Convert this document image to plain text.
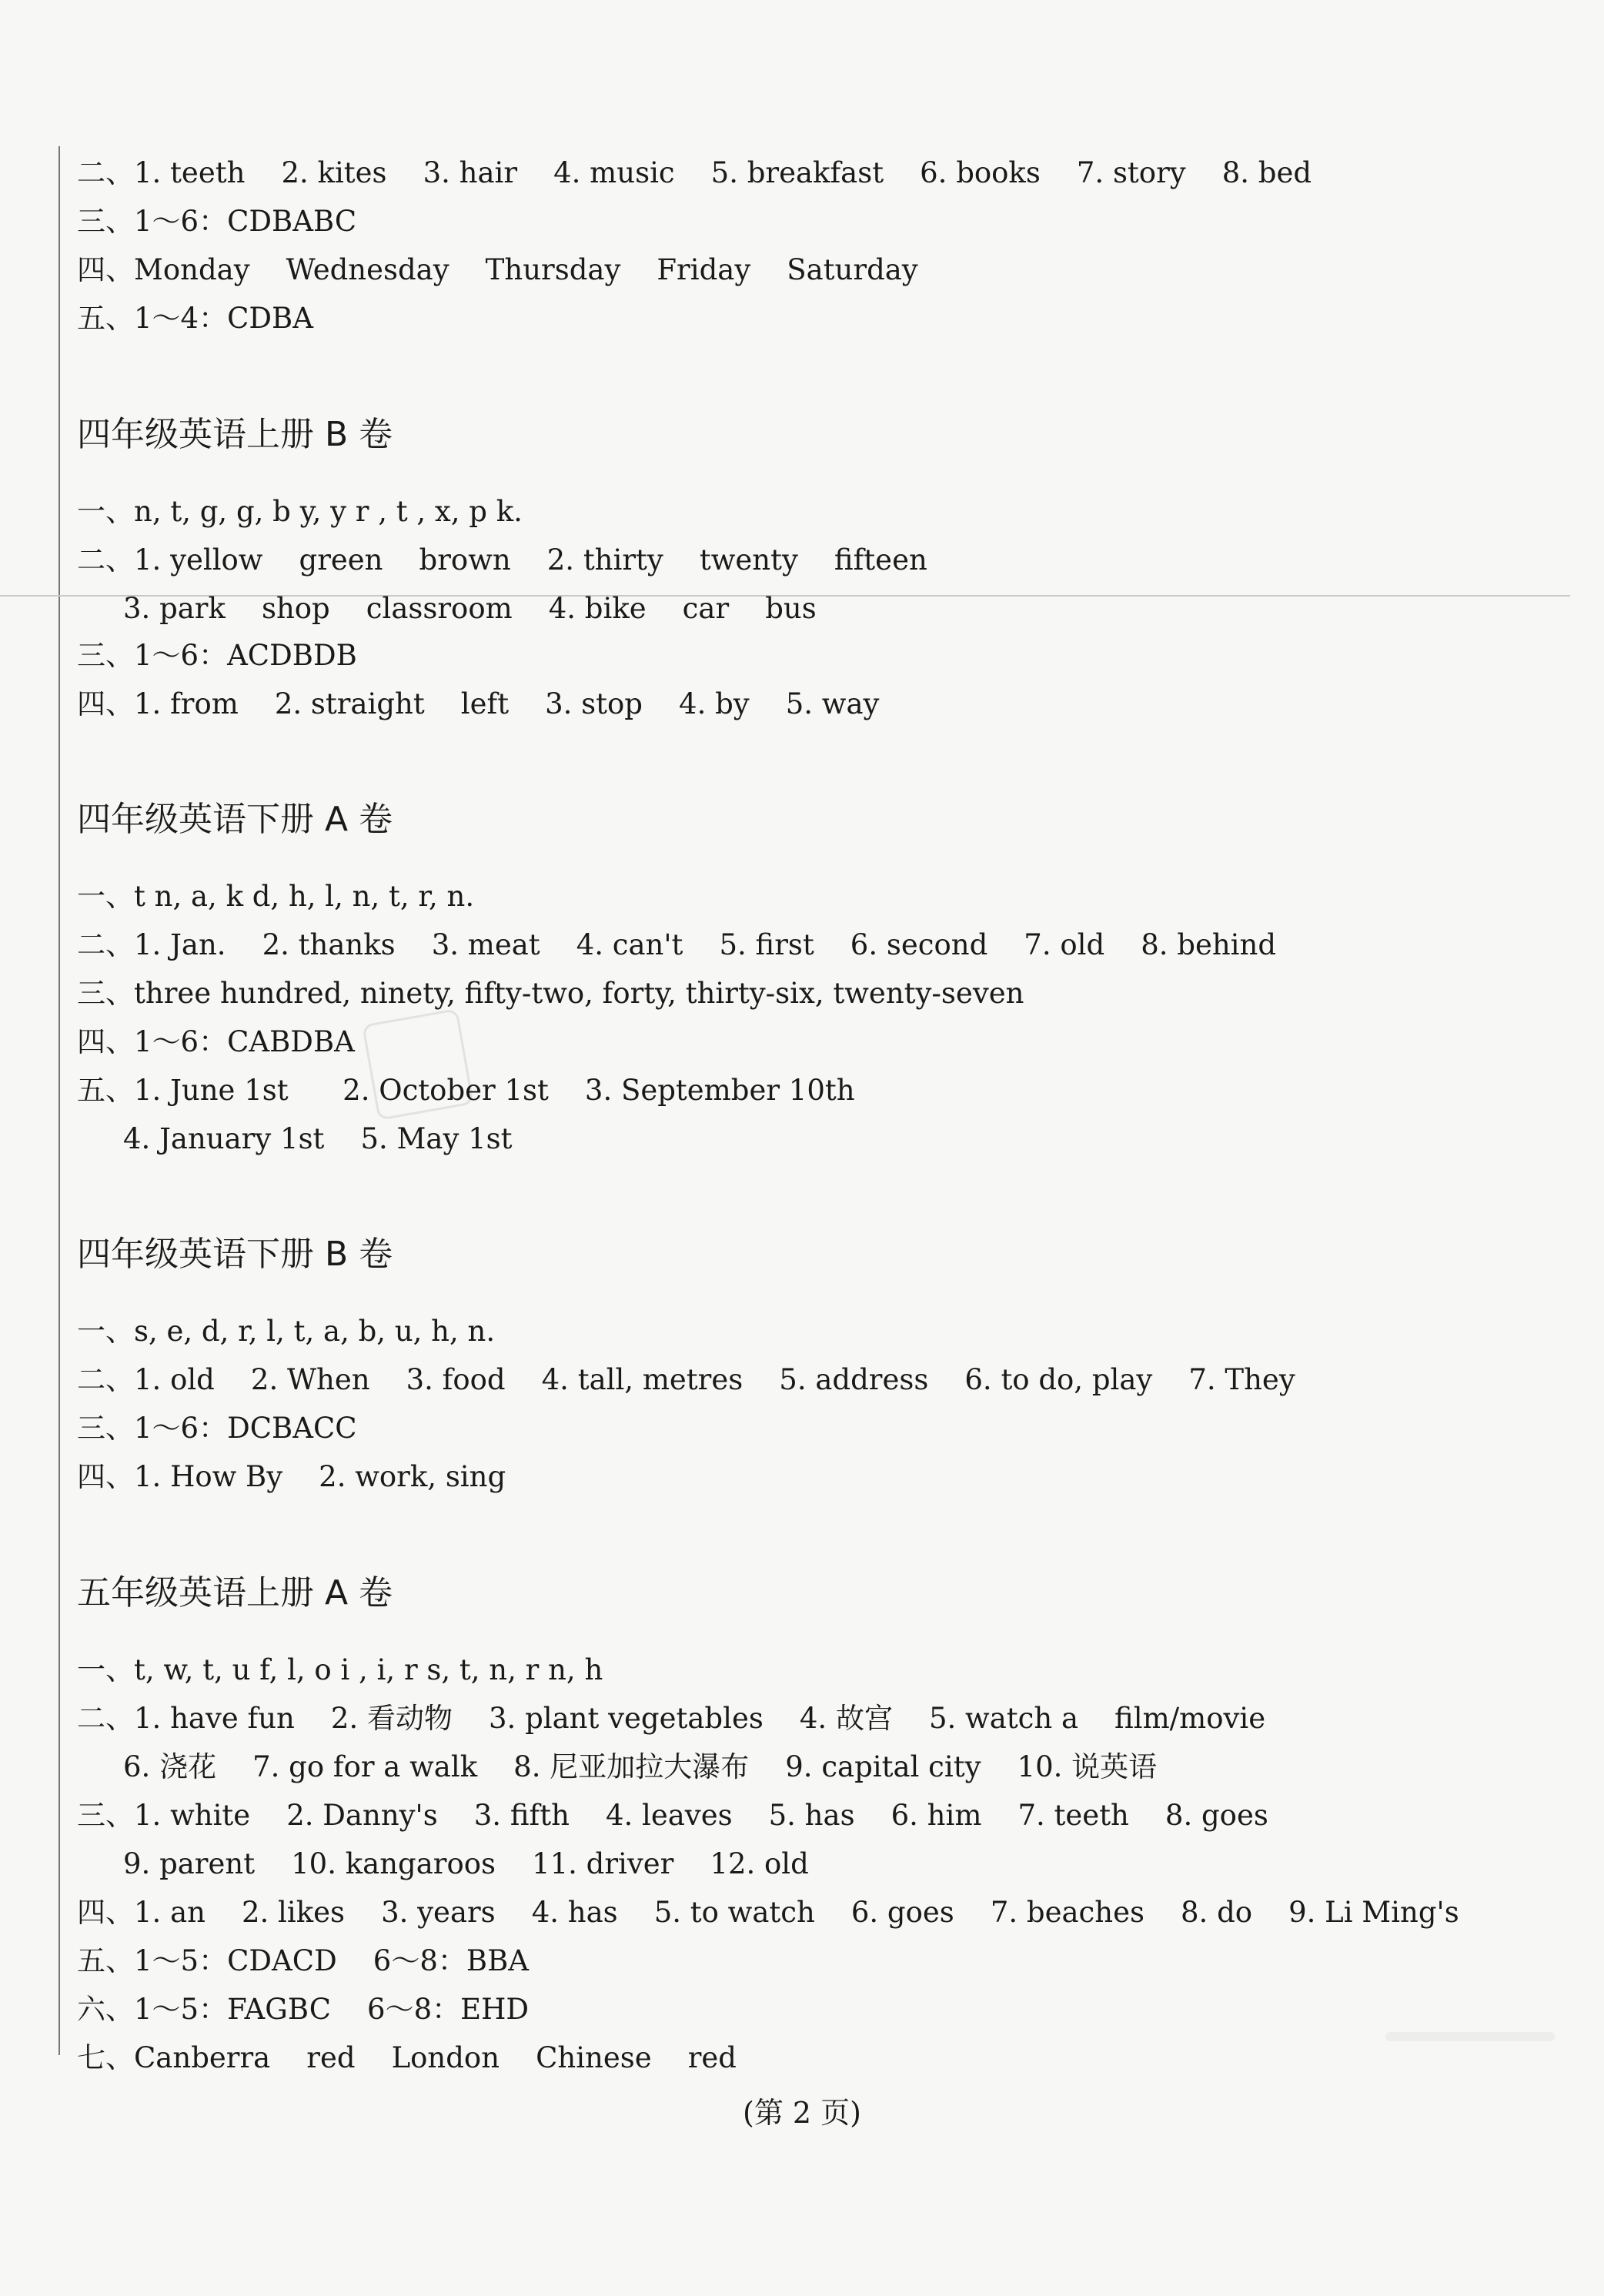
二、1. teeth    2. kites    3. hair    4. music    5. breakfast    6. books    7. story    8. bed
三、1～6：CDBABC
四、Monday    Wednesday    Thursday    Friday    Saturday
五、1～4：CDBA
四年级英语上册 B 卷
一、n, t, g, g, b y, y r , t , x, p k.
二、1. yellow    green    brown    2. thirty    twenty    fifteen
3. park    shop    classroom    4. bike    car    bus
三、1～6：ACDBDB
四、1. from    2. straight    left    3. stop    4. by    5. way
四年级英语下册 A 卷
一、t n, a, k d, h, l, n, t, r, n.
二、1. Jan.    2. thanks    3. meat    4. can't    5. first    6. second    7. old    8. behind
三、three hundred, ninety, fifty-two, forty, thirty-six, twenty-seven
四、1～6：CABDBA
五、1. June 1st      2. October 1st    3. September 10th
4. January 1st    5. May 1st
四年级英语下册 B 卷
一、s, e, d, r, l, t, a, b, u, h, n.
二、1. old    2. When    3. food    4. tall, metres    5. address    6. to do, play    7. They
三、1～6：DCBACC
四、1. How By    2. work, sing
五年级英语上册 A 卷
一、t, w, t, u f, l, o i , i, r s, t, n, r n, h
二、1. have fun    2. 看动物    3. plant vegetables    4. 故宫    5. watch a    film/movie
6. 浇花    7. go for a walk    8. 尼亚加拉大瀑布    9. capital city    10. 说英语
三、1. white    2. Danny's    3. fifth    4. leaves    5. has    6. him    7. teeth    8. goes
9. parent    10. kangaroos    11. driver    12. old
四、1. an    2. likes    3. years    4. has    5. to watch    6. goes    7. beaches    8. do    9. Li Ming's
五、1～5：CDACD    6～8：BBA
六、1～5：FAGBC    6～8：EHD
七、Canberra    red    London    Chinese    red
(第 2 页)
